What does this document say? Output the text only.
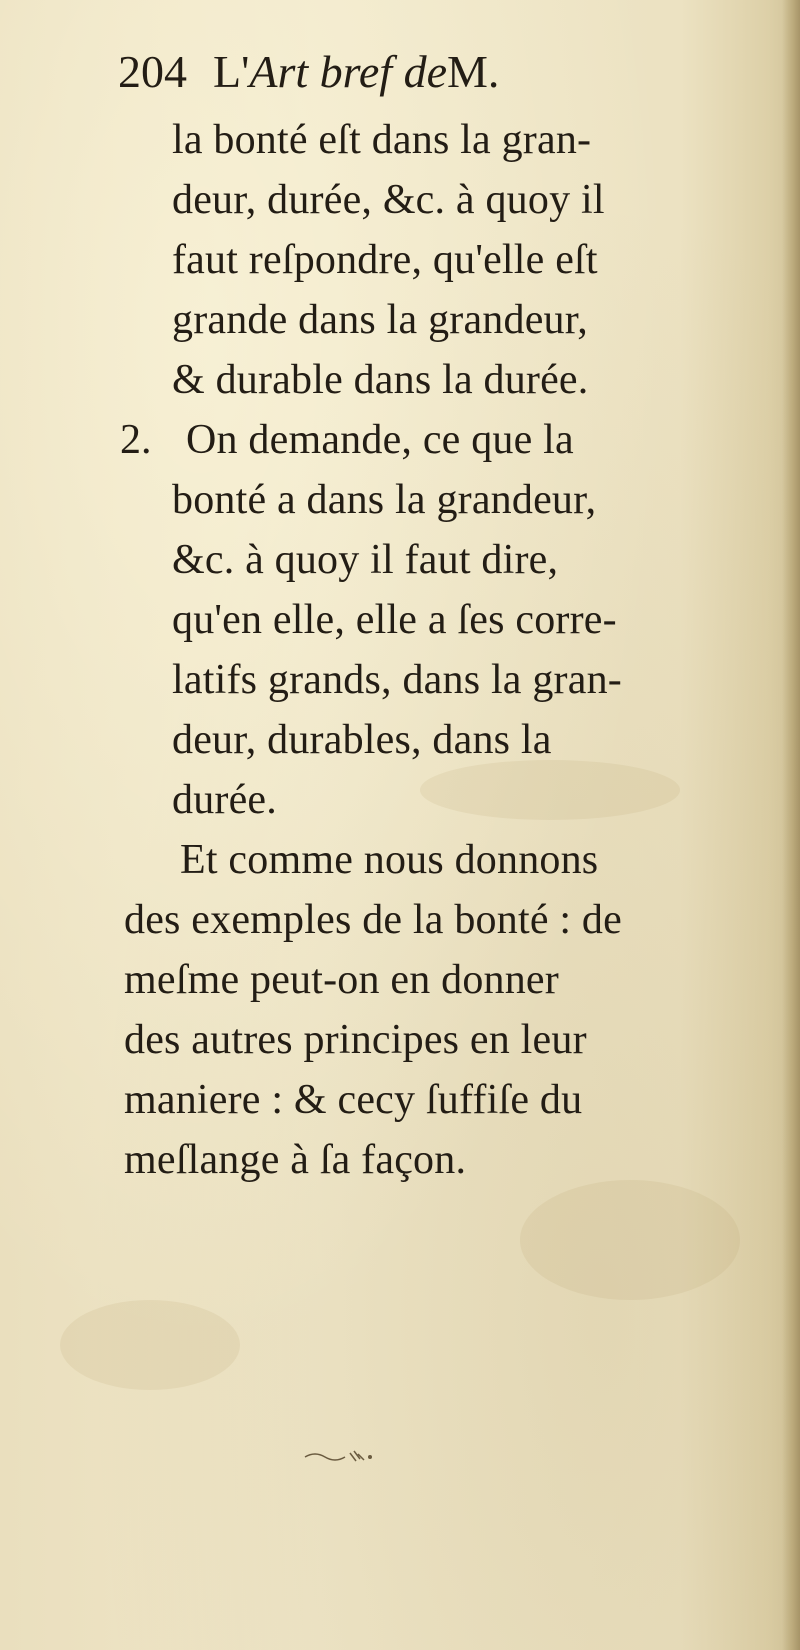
204 L'Art bref deM.
2.
la bonté eſt dans la gran-
deur, durée, &c. à quoy il
faut reſpondre, qu'elle eſt
grande dans la grandeur,
& durable dans la durée.
On demande, ce que la
bonté a dans la grandeur,
&c. à quoy il faut dire,
qu'en elle, elle a ſes corre-
latifs grands, dans la gran-
deur, durables, dans la
durée.
Et comme nous donnons
des exemples de la bonté : de
meſme peut-on en donner
des autres principes en leur
maniere : & cecy ſuffiſe du
meſlange à ſa façon.
